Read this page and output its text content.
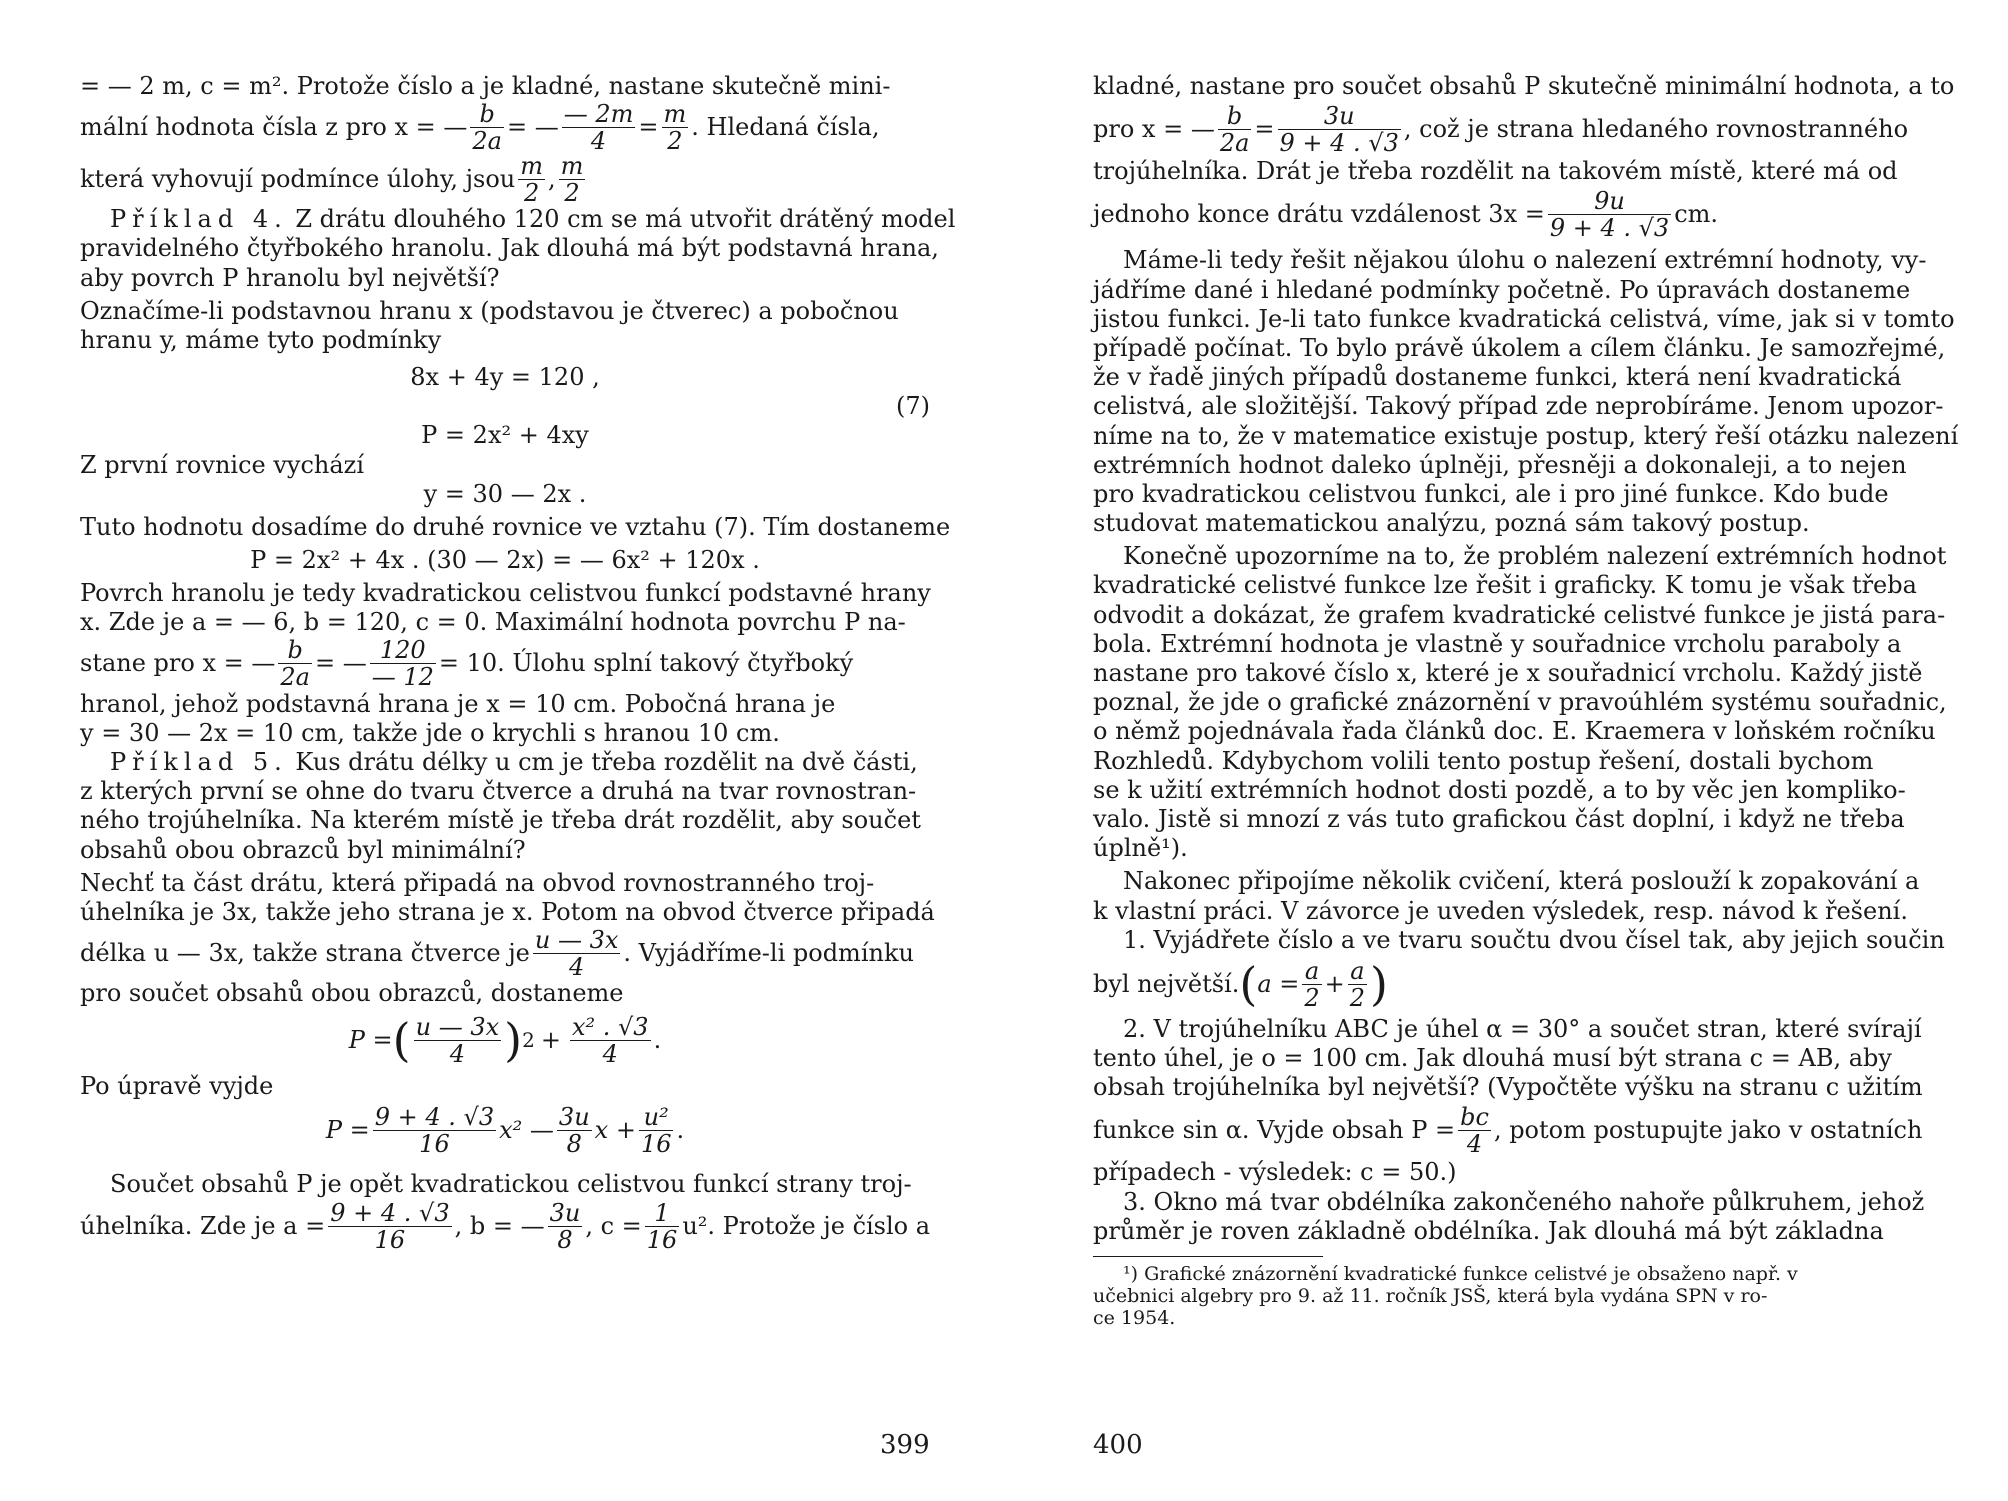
= — 2 m, c = m². Protože číslo a je kladné, nastane skutečně mini-
mální hodnota čísla z pro x = — $\frac{b}{2a}$ = — $\frac{— 2m}{4} = \frac{m}{2}$ . Hledaná čísla,
která vyhovují podmínce úlohy, jsou $\frac{m}{2}$ , $\frac{m}{2}$
Příklad 4. Z drátu dlouhého 120 cm se má utvořit drátěný model
pravidelného čtyřbokého hranolu. Jak dlouhá má být podstavná hrana,
aby povrch P hranolu byl největší?
Označíme-li podstavnou hranu x (podstavou je čtverec) a pobočnou
hranu y, máme tyto podmínky
8x + 4y = 120 ,
(7)
P = 2x² + 4xy
Z první rovnice vychází
y = 30 — 2x .
Tuto hodnotu dosadíme do druhé rovnice ve vztahu (7). Tím dostaneme
P = 2x² + 4x . (30 — 2x) = — 6x² + 120x .
Povrch hranolu je tedy kvadratickou celistvou funkcí podstavné hrany
x. Zde je a = — 6, b = 120, c = 0. Maximální hodnota povrchu P na-
stane pro x = — $\frac{b}{2a}$ = — $\frac{120}{— 12} = 10$. Úlohu splní takový čtyřboký
hranol, jehož podstavná hrana je x = 10 cm. Pobočná hrana je
y = 30 — 2x = 10 cm, takže jde o krychli s hranou 10 cm.
Příklad 5. Kus drátu délky u cm je třeba rozdělit na dvě části,
z kterých první se ohne do tvaru čtverce a druhá na tvar rovnostran-
ného trojúhelníka. Na kterém místě je třeba drát rozdělit, aby součet
obsahů obou obrazců byl minimální?
Nechť ta část drátu, která připadá na obvod rovnostranného troj-
úhelníka je 3x, takže jeho strana je x. Potom na obvod čtverce připadá
délka u — 3x, takže strana čtverce je $\frac{u — 3x}{4}$ . Vyjádříme-li podmínku
pro součet obsahů obou obrazců, dostaneme
P = ( $\frac{u — 3x}{4}$ ) $2 + \frac{\text{x² . √3}}{4}$ .
Po úpravě vyjde
$P = \frac{9 + 4 . √3}{16} x^2$ — $\frac{3u}{8}$ $x + \frac{\text{u²}}{16}$ .
Součet obsahů P je opět kvadratickou celistvou funkcí strany troj-
úhelníka. Zde je $a = \frac{9 + 4 . √3}{16}$ , b = — $\frac{3u}{8}$ , $c = \frac{1}{16} u^2$. Protože je číslo a
399
kladné, nastane pro součet obsahů P skutečně minimální hodnota, a to
pro x = — $\frac{b}{2a} = \frac{3u}{9 + 4 . √3}$ , což je strana hledaného rovnostranného
trojúhelníka. Drát je třeba rozdělit na takovém místě, které má od
jednoho konce drátu vzdálenost $3x = \frac{9u}{9 + 4 . √3}$ cm.
Máme-li tedy řešit nějakou úlohu o nalezení extrémní hodnoty, vy-
jádříme dané i hledané podmínky početně. Po úpravách dostaneme
jistou funkci. Je-li tato funkce kvadratická celistvá, víme, jak si v tomto
případě počínat. To bylo právě úkolem a cílem článku. Je samozřejmé,
že v řadě jiných případů dostaneme funkci, která není kvadratická
celistvá, ale složitější. Takový případ zde neprobíráme. Jenom upozor-
níme na to, že v matematice existuje postup, který řeší otázku nalezení
extrémních hodnot daleko úplněji, přesněji a dokonaleji, a to nejen
pro kvadratickou celistvou funkci, ale i pro jiné funkce. Kdo bude
studovat matematickou analýzu, pozná sám takový postup.
Konečně upozorníme na to, že problém nalezení extrémních hodnot
kvadratické celistvé funkce lze řešit i graficky. K tomu je však třeba
odvodit a dokázat, že grafem kvadratické celistvé funkce je jistá para-
bola. Extrémní hodnota je vlastně y souřadnice vrcholu paraboly a
nastane pro takové číslo x, které je x souřadnicí vrcholu. Každý jistě
poznal, že jde o grafické znázornění v pravoúhlém systému souřadnic,
o němž pojednávala řada článků doc. E. Kraemera v loňském ročníku
Rozhledů. Kdybychom volili tento postup řešení, dostali bychom
se k užití extrémních hodnot dosti pozdě, a to by věc jen kompliko-
valo. Jistě si mnozí z vás tuto grafickou část doplní, i když ne třeba
úplně¹).
Nakonec připojíme několik cvičení, která poslouží k zopakování a
k vlastní práci. V závorce je uveden výsledek, resp. návod k řešení.
1. Vyjádřete číslo a ve tvaru součtu dvou čísel tak, aby jejich součin
byl největší. ( $a = \frac{a}{2} + \frac{a}{2}$ )
2. V trojúhelníku ABC je úhel α = 30° a součet stran, které svírají
tento úhel, je o = 100 cm. Jak dlouhá musí být strana c = AB, aby
obsah trojúhelníka byl největší? (Vypočtěte výšku na stranu c užitím
funkce sin α. Vyjde obsah $P = \frac{bc}{4}$ , potom postupujte jako v ostatních
případech - výsledek: c = 50.)
3. Okno má tvar obdélníka zakončeného nahoře půlkruhem, jehož
průměr je roven základně obdélníka. Jak dlouhá má být základna
¹) Grafické znázornění kvadratické funkce celistvé je obsaženo např. v
učebnici algebry pro 9. až 11. ročník JSŠ, která byla vydána SPN v ro-
ce 1954.
400
